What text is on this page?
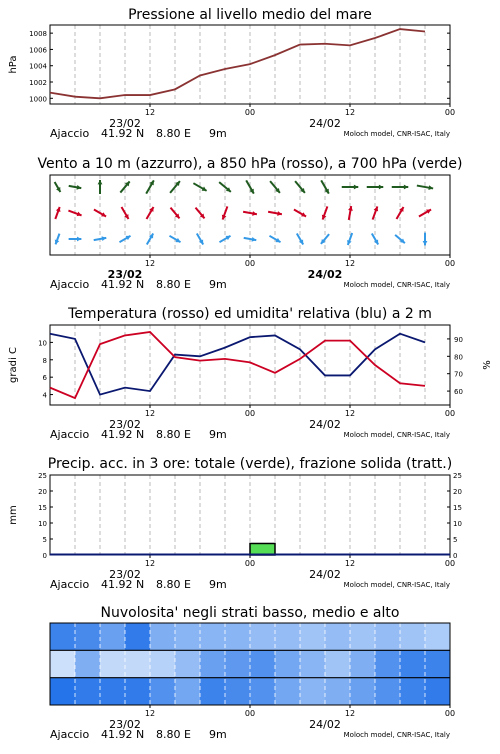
Pressione al livello medio del mare
12	00	12	00
23/02	24/02
Ajaccio 41.92 N 8.80 E 9m	Moloch model, CNR-ISAC, Italy
1000
1002
1004
1006
1008
hPa
Vento a 10 m (azzurro), a 850 hPa (rosso), a 700 hPa (verde)
12	00	12	00
23/02	24/02
Ajaccio 41.92 N 8.80 E 9m	Moloch model, CNR-ISAC, Italy
Temperatura (rosso) ed umidita' relativa (blu) a 2 m
12	00	12	00
23/02	24/02
Ajaccio 41.92 N 8.80 E 9m	Moloch model, CNR-ISAC, Italy
4
6
8
10
60
70
80
90
gradi C	%
Precip. acc. in 3 ore: totale (verde), frazione solida (tratt.)
12	00	12	00
23/02	24/02
Ajaccio 41.92 N 8.80 E 9m	Moloch model, CNR-ISAC, Italy
0	0
5	5
10	10
15	15
20	20
25	25
mm
Nuvolosita' negli strati basso, medio e alto
12	00	12	00
23/02	24/02
Ajaccio 41.92 N 8.80 E 9m	Moloch model, CNR-ISAC, Italy
